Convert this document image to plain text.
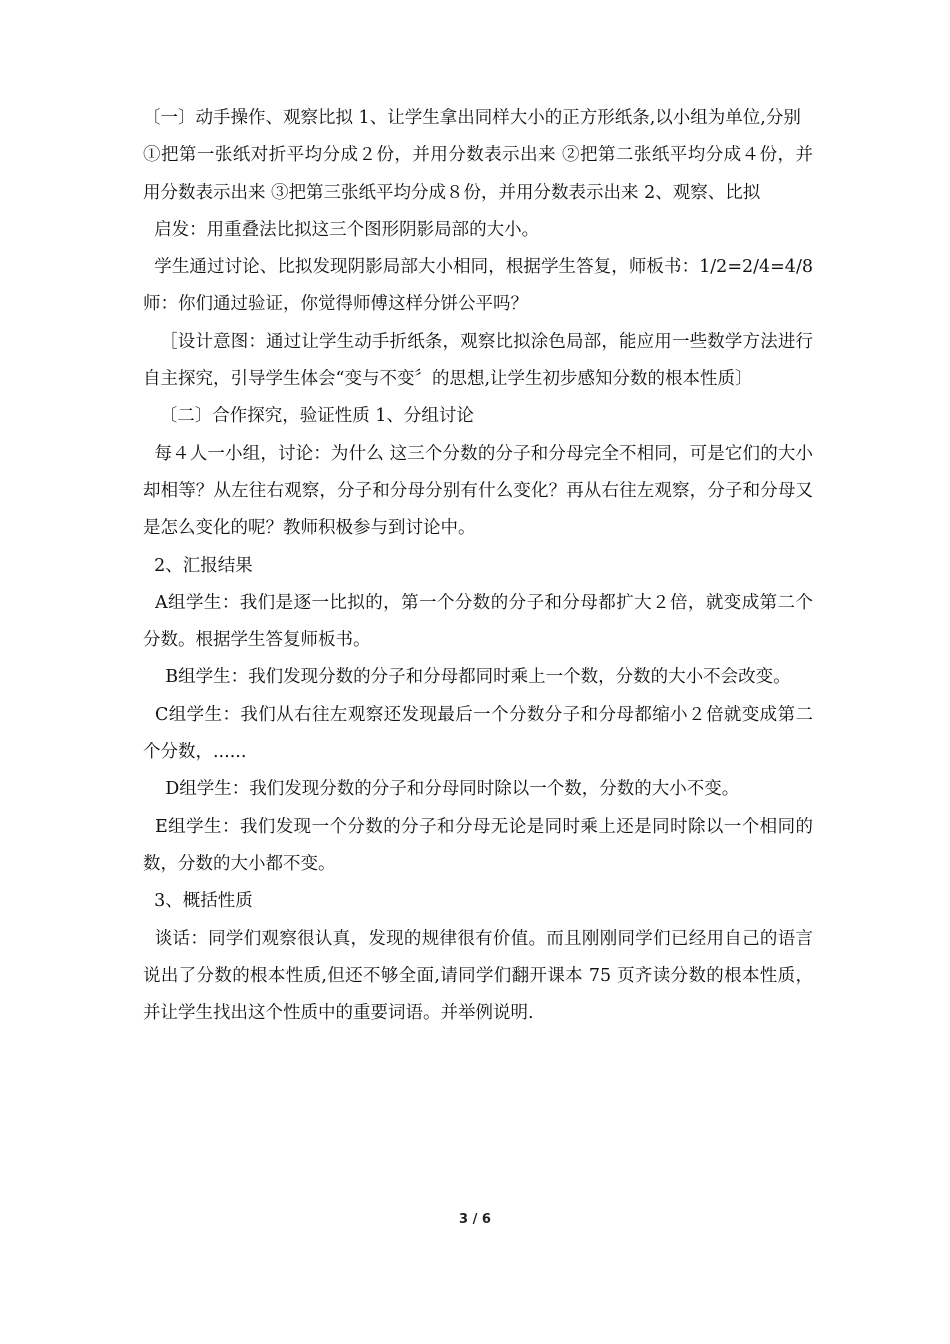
〔一〕动手操作、观察比拟 1、让学生拿出同样大小的正方形纸条,以小组为单位,分别

①把第一张纸对折平均分成２份，并用分数表示出来 ②把第二张纸平均分成４份，并用分数表示出来 ③把第三张纸平均分成８份，并用分数表示出来 2、观察、比拟

启发：用重叠法比拟这三个图形阴影局部的大小。

学生通过讨论、比拟发现阴影局部大小相同，根据学生答复，师板书：1/2=2/4=4/8 师：你们通过验证，你觉得师傅这样分饼公平吗？

［设计意图：通过让学生动手折纸条，观察比拟涂色局部，能应用一些数学方法进行自主探究，引导学生体会“变与不变〞的思想,让学生初步感知分数的根本性质〕

〔二〕合作探究，验证性质 1、分组讨论

每４人一小组，讨论：为什么 这三个分数的分子和分母完全不相同，可是它们的大小却相等？从左往右观察，分子和分母分别有什么变化？再从右往左观察，分子和分母又是怎么变化的呢？教师积极参与到讨论中。

2、汇报结果

A组学生：我们是逐一比拟的，第一个分数的分子和分母都扩大２倍，就变成第二个分数。根据学生答复师板书。

B组学生：我们发现分数的分子和分母都同时乘上一个数，分数的大小不会改变。

C组学生：我们从右往左观察还发现最后一个分数分子和分母都缩小２倍就变成第二个分数，......

D组学生：我们发现分数的分子和分母同时除以一个数，分数的大小不变。

E组学生：我们发现一个分数的分子和分母无论是同时乘上还是同时除以一个相同的数，分数的大小都不变。

3、概括性质

谈话：同学们观察很认真，发现的规律很有价值。而且刚刚同学们已经用自己的语言说出了分数的根本性质,但还不够全面,请同学们翻开课本 75 页齐读分数的根本性质，并让学生找出这个性质中的重要词语。并举例说明.

3 / 6
